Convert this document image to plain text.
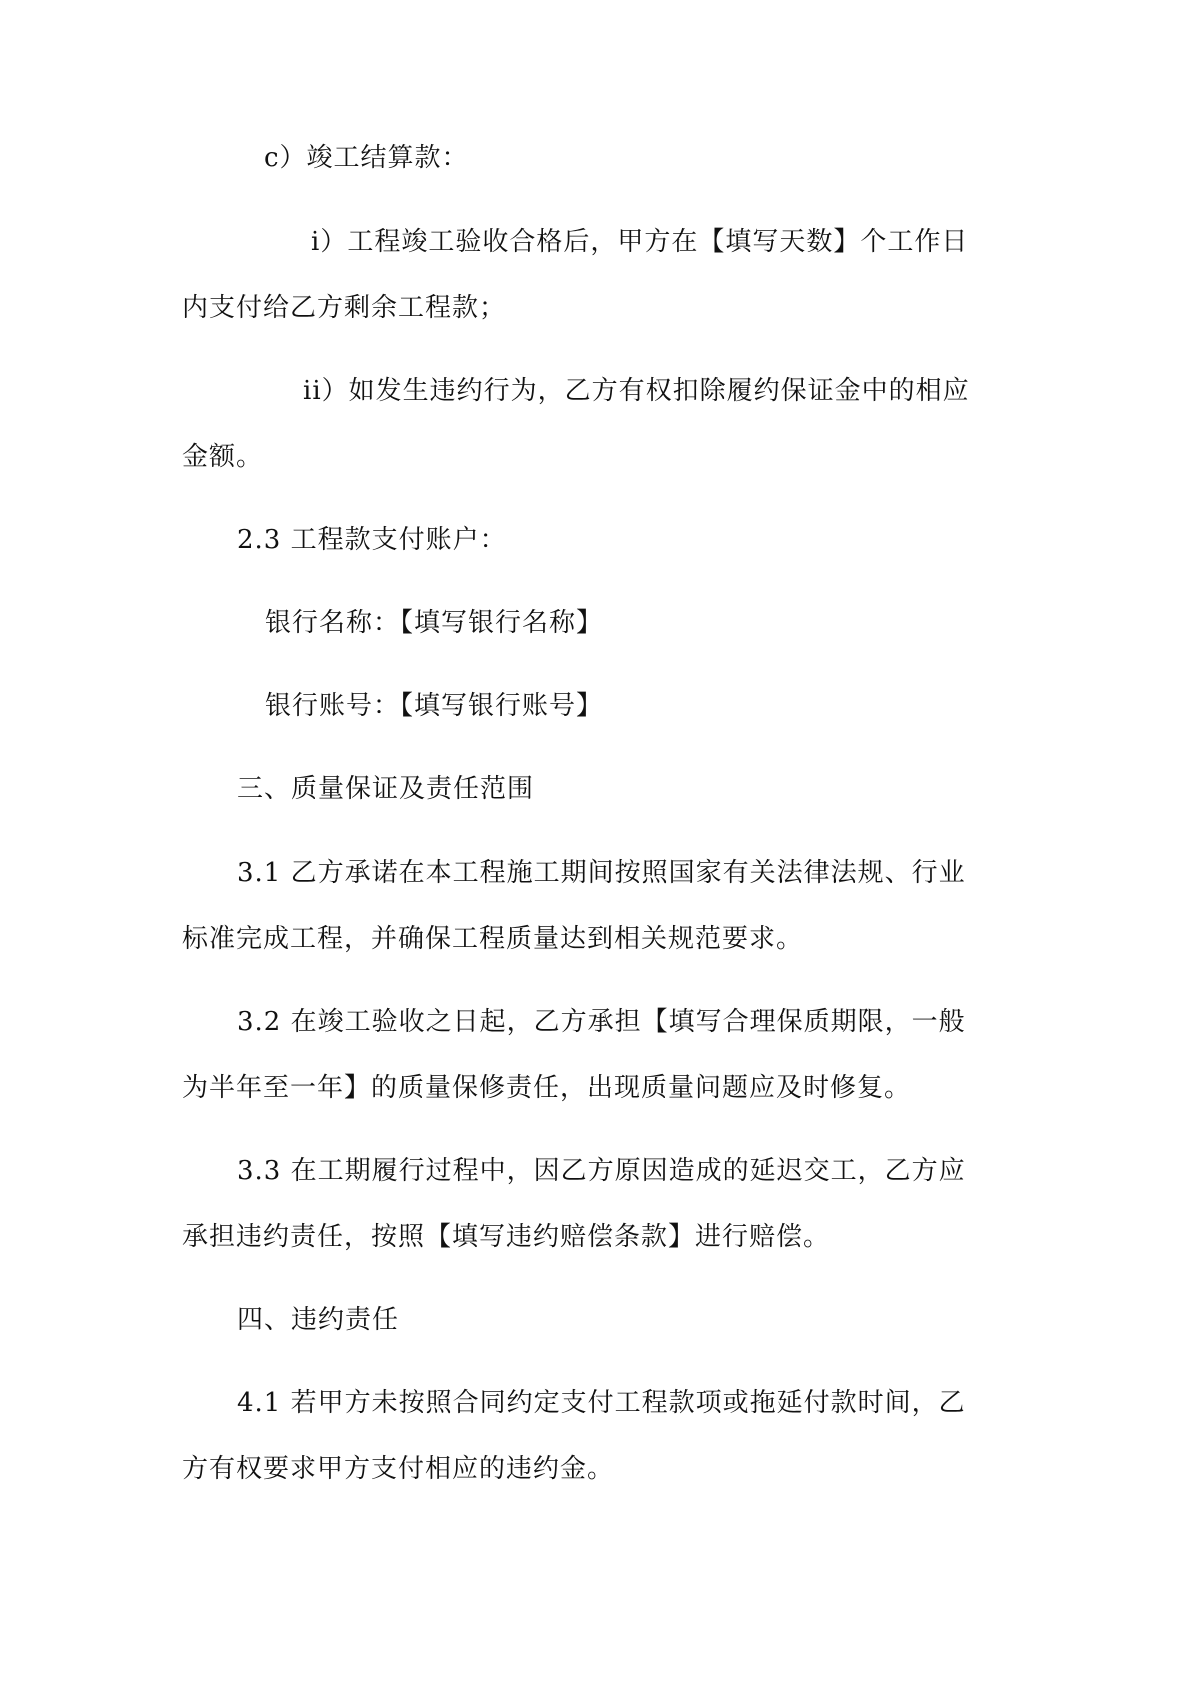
c）竣工结算款：
i）工程竣工验收合格后，甲方在【填写天数】个工作日
内支付给乙方剩余工程款；
ii）如发生违约行为，乙方有权扣除履约保证金中的相应
金额。
2.3 工程款支付账户：
银行名称：【填写银行名称】
银行账号：【填写银行账号】
三、质量保证及责任范围
3.1 乙方承诺在本工程施工期间按照国家有关法律法规、行业
标准完成工程，并确保工程质量达到相关规范要求。
3.2 在竣工验收之日起，乙方承担【填写合理保质期限，一般
为半年至一年】的质量保修责任，出现质量问题应及时修复。
3.3 在工期履行过程中，因乙方原因造成的延迟交工，乙方应
承担违约责任，按照【填写违约赔偿条款】进行赔偿。
四、违约责任
4.1 若甲方未按照合同约定支付工程款项或拖延付款时间，乙
方有权要求甲方支付相应的违约金。
